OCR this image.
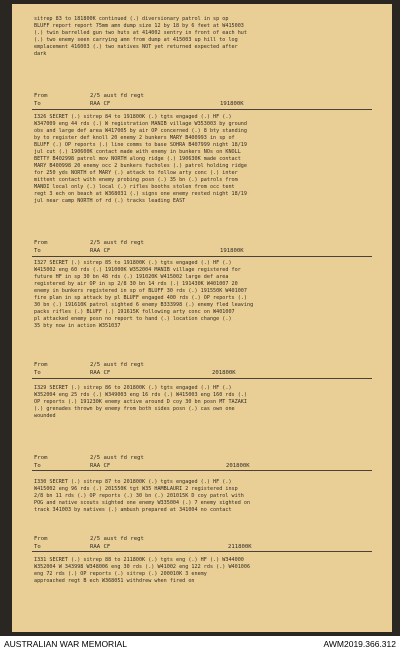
sitrep 83 to 181800K continued (.) diversionary patrol in sp op
BLUFF report report 75mm amn dump size 12 by 18 by 6 feet at W415003
(.) twin barrelled gun two huts at 414002 sentry in front of each hut
(.) two enemy seen carrying amn from dump at 415003 up hill to log
emplacement 416003 (.) two natives NOT yet returned expected after
dark
From	2/5 aust fd regt
To	RAA CF	191800K
I326 SECRET (.) sitrep 84 to 191800K (.) tgts engaged (.) HF (.)
W347009 eng 44 rds (.) W registration MANIB village W353003 by ground
obs and large def area W417005 by air OP concerned (.) 8 bty standing
by to register def knoll 20 enemy 2 bunkers MARY B400993 in sp of
BLUFF (.) OP reports (.) line comms to base SOHRA B407999 night 18/19
jul cut (.) 190600K contact made with enemy in bunkers NOs on KNOLL
BETTY B402998 patrol mov NORTH along ridge (.) 190630K made contact
MARY B400998 20 enemy occ 2 bunkers fucholes (.) patrol holding ridge
for 250 yds NORTH of MARY (.) attack to follow arty conc (.) inter
mittent contact with enemy probing posn (.) 35 bn (.) patrols from
MANDI local only (.) local (.) rifles booths stolen from occ tent
regt 3 ech on beach at W368031 (.) signs one enemy rested night 18/19
jul near camp NORTH of rd (.) tracks leading EAST
From	2/5 aust fd regt
To	RAA CF	191800K
I327 SECRET (.) sitrep 85 to 191800K (.) tgts engaged (.) HF (.)
W415002 eng 60 rds (.) 191000K W352004 MANIB village registered for
future HF in sp 30 bn 48 rds (.) 191020K W415002 large def area
registered by air OP in sp 2/8 30 bn 14 rds (.) 191430K W401007 20
enemy in bunkers registered in sp of BLUFF 30 rds (.) 191550K W401007
fire plan in sp attack by pl BLUFF engaged 400 rds (.) OP reports (.)
30 bn (.) 191610K patrol sighted 6 enemy B333998 (.) enemy fled leaving
packs rifles (.) BLUFF (.) 191615K following arty conc on W401007
pl attacked enemy posn no report to hand (.) location change (.)
35 bty now in action W351037
From	2/5 aust fd regt
To	RAA CF	201800K
I329 SECRET (.) sitrep 86 to 201800K (.) tgts engaged (.) HF (.)
W352004 eng 25 rds (.) W349003 eng 16 rds (.) W415003 eng 160 rds (.)
OP reports (.) 191230K enemy active around D coy 30 bn posn MT TAZAKI
(.) grenades thrown by enemy from both sides posn (.) cas own one
wounded
From	2/5 aust fd regt
To	RAA CF	201800K
I330 SECRET (.) sitrep 87 to 201800K (.) tgts engaged (.) HF (.)
W415002 eng 96 rds (.) 201550K tgt W35 HAMBLAURI 2 registered insp
2/8 bn 11 rds (.) OP reports (.) 30 bn (.) 201015K D coy patrol with
POG and native scouts sighted one enemy W335004 (.) 7 enemy sighted on
track 341003 by natives (.) ambush prepared at 341004 no contact
From	2/5 aust fd regt
To	RAA CF	211800K
I331 SECRET (.) sitrep 88 to 211800K (.) tgts eng (.) HF (.) W344000
W352004 W 343998 W348006 eng 30 rds (.) W41002 eng 122 rds (.) W401006
eng 72 rds (.) OP reports (.) sitrep (.) 200010K 3 enemy
approached regt B ech W368051 withdrew when fired on
AUSTRALIAN WAR MEMORIAL	AWM2019.366.312
